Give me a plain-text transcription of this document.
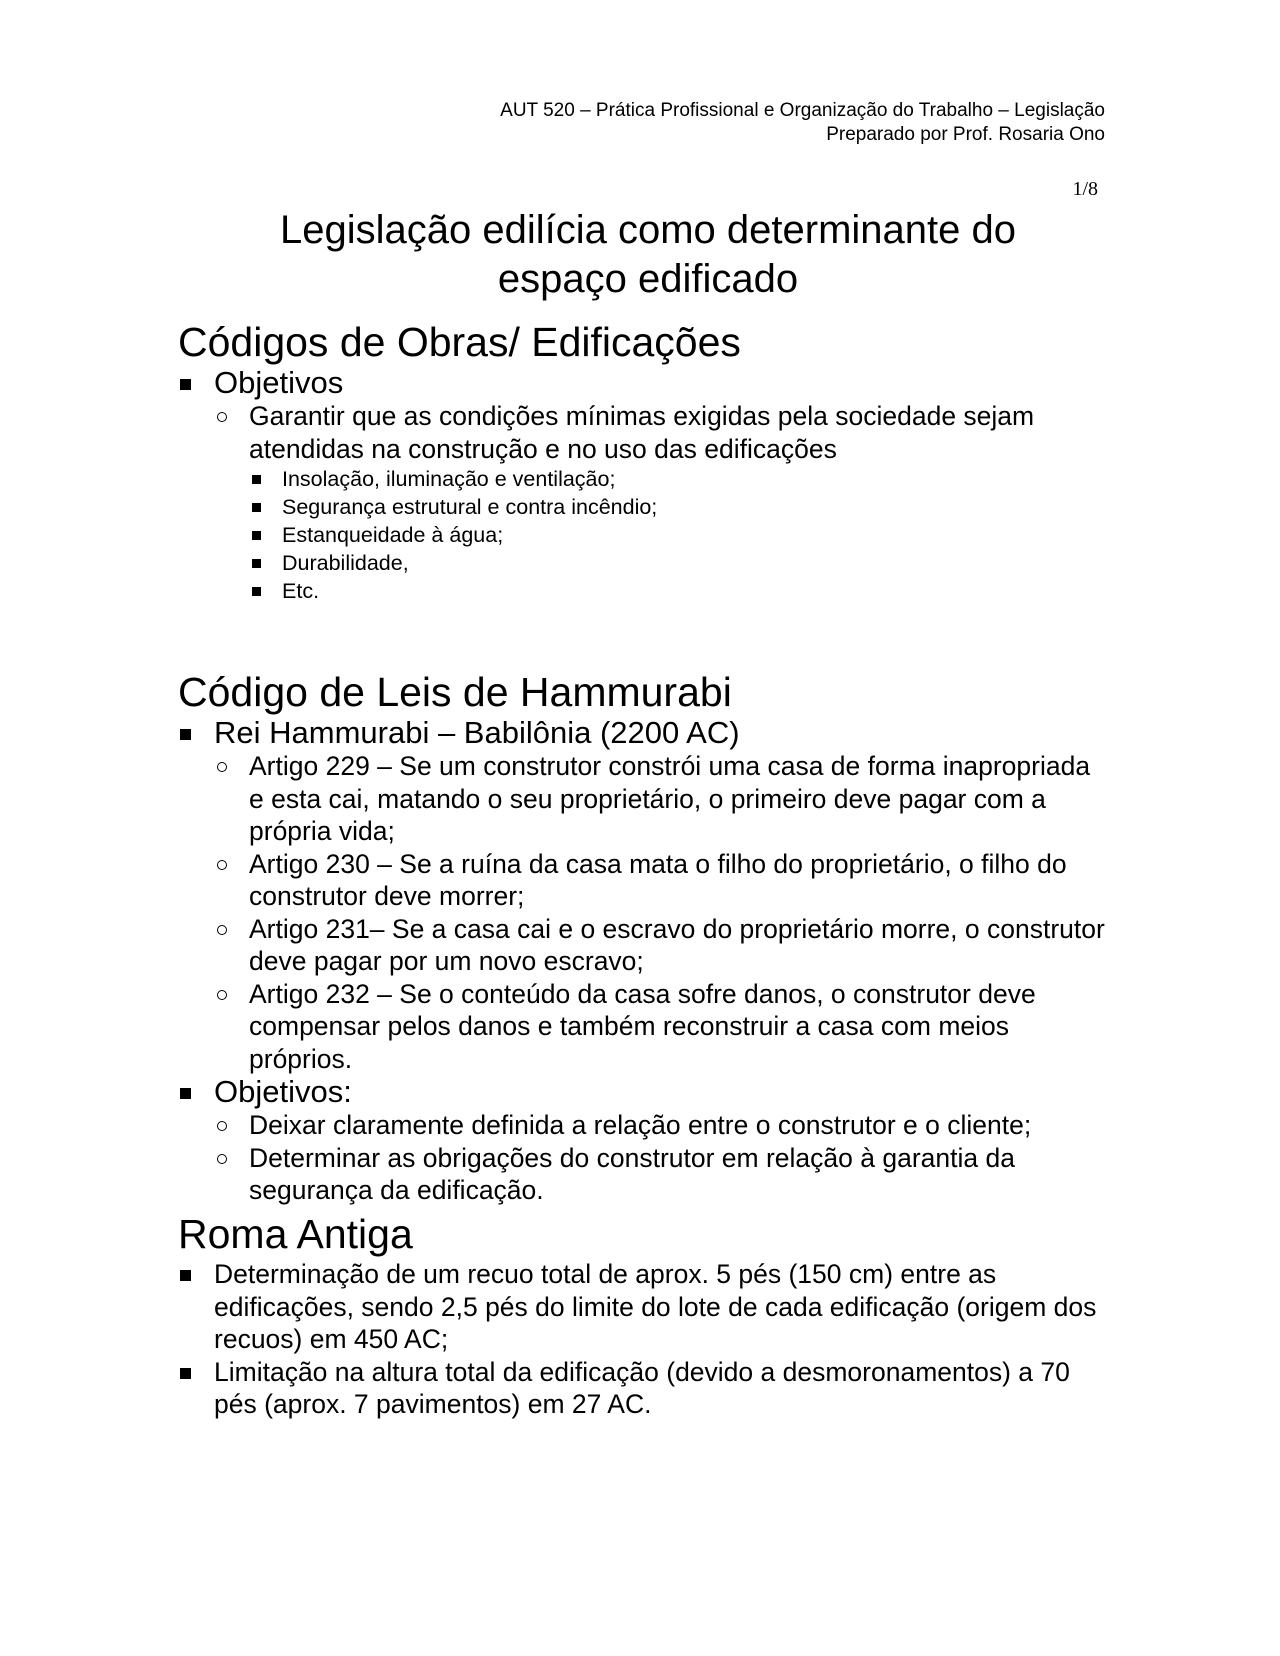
AUT 520 – Prática Profissional e Organização do Trabalho – Legislação
Preparado por Prof. Rosaria Ono
1/8
Legislação edilícia como determinante do
espaço edificado
Códigos de Obras/ Edificações
Objetivos
Garantir que as condições mínimas exigidas pela sociedade sejam atendidas na construção e no uso das edificações
Insolação, iluminação e ventilação;
Segurança estrutural e contra incêndio;
Estanqueidade à água;
Durabilidade,
Etc.
Código de Leis de Hammurabi
Rei Hammurabi – Babilônia (2200 AC)
Artigo 229 – Se um construtor constrói uma casa de forma inapropriada e esta cai, matando o seu proprietário, o primeiro deve pagar com a própria vida;
Artigo 230 – Se a ruína da casa mata o filho do proprietário, o filho do construtor deve morrer;
Artigo 231– Se a casa cai e o escravo do proprietário morre, o construtor deve pagar por um novo escravo;
Artigo 232 – Se o conteúdo da casa sofre danos, o construtor deve compensar pelos danos e também reconstruir a casa com meios próprios.
Objetivos:
Deixar claramente definida a relação entre o construtor e o cliente;
Determinar as obrigações do construtor em relação à garantia da segurança da edificação.
Roma Antiga
Determinação de um recuo total de aprox. 5 pés (150 cm) entre as edificações, sendo 2,5 pés do limite do lote de cada edificação (origem dos recuos) em 450 AC;
Limitação na altura total da edificação (devido a desmoronamentos) a 70 pés (aprox. 7 pavimentos) em 27 AC.
